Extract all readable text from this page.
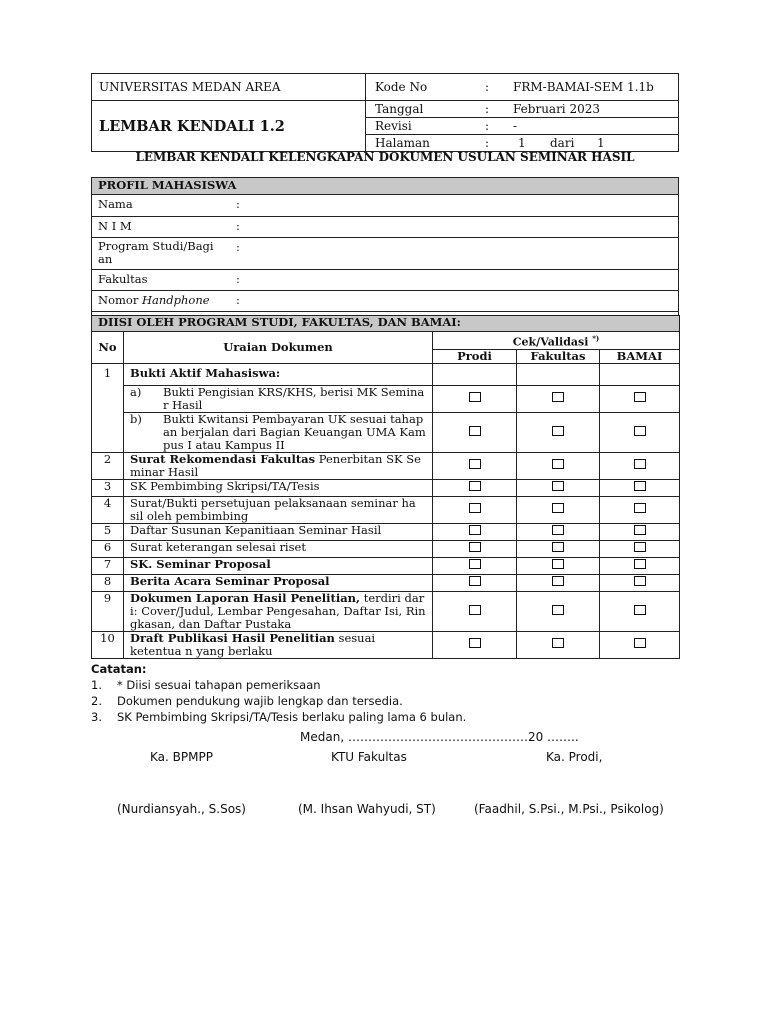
UNIVERSITAS MEDAN AREA	Kode No : FRM-BAMAI-SEM 1.1b
LEMBAR KENDALI 1.2	Tanggal : Februari 2023
	Revisi : -
	Halaman : 1 dari 1
LEMBAR KENDALI KELENGKAPAN DOKUMEN USULAN SEMINAR HASIL
PROFIL MAHASISWA
Nama	:
N I M	:
Program Studi/Bagi an:
Fakultas	:
Nomor Handphone :

DIISI OLEH PROGRAM STUDI, FAKULTAS, DAN BAMAI:				
No	Uraian Dokumen	Cek/Validasi *)
		Prodi	Fakultas	BAMAI
1	Bukti Aktif Mahasiswa:			

	a) Bukti Pengisian KRS/KHS, berisi MK Semina r Hasil			

	b) Bukti Kwitansi Pembayaran UK sesuai tahap an berjalan dari Bagian Keuangan UMA Kam pus I atau Kampus II			

2	Surat Rekomendasi Fakultas Penerbitan SK Se minar Hasil			
3	SK Pembimbing Skripsi/TA/Tesis			
4	Surat/Bukti persetujuan pelaksanaan seminar ha sil oleh pembimbing			
5	Daftar Susunan Kepanitiaan Seminar Hasil			
6	Surat keterangan selesai riset			
7	SK. Seminar Proposal			
8	Berita Acara Seminar Proposal			
9	Dokumen Laporan Hasil Penelitian, terdiri dar i: Cover/Judul, Lembar Pengesahan, Daftar Isi, Rin gkasan, dan Daftar Pustaka			
10	Draft Publikasi Hasil Penelitian sesuai ketentua n yang berlaku			
Catatan:
1. * Diisi sesuai tahapan pemeriksaan
2. Dokumen pendukung wajib lengkap dan tersedia.
3. SK Pembimbing Skripsi/TA/Tesis berlaku paling lama 6 bulan.
Medan, ………………………………………20 ……..
Ka. BPMPP	KTU Fakultas	Ka. Prodi,
(Nurdiansyah., S.Sos)	(M. Ihsan Wahyudi, ST)	(Faadhil, S.Psi., M.Psi., Psikolog)
